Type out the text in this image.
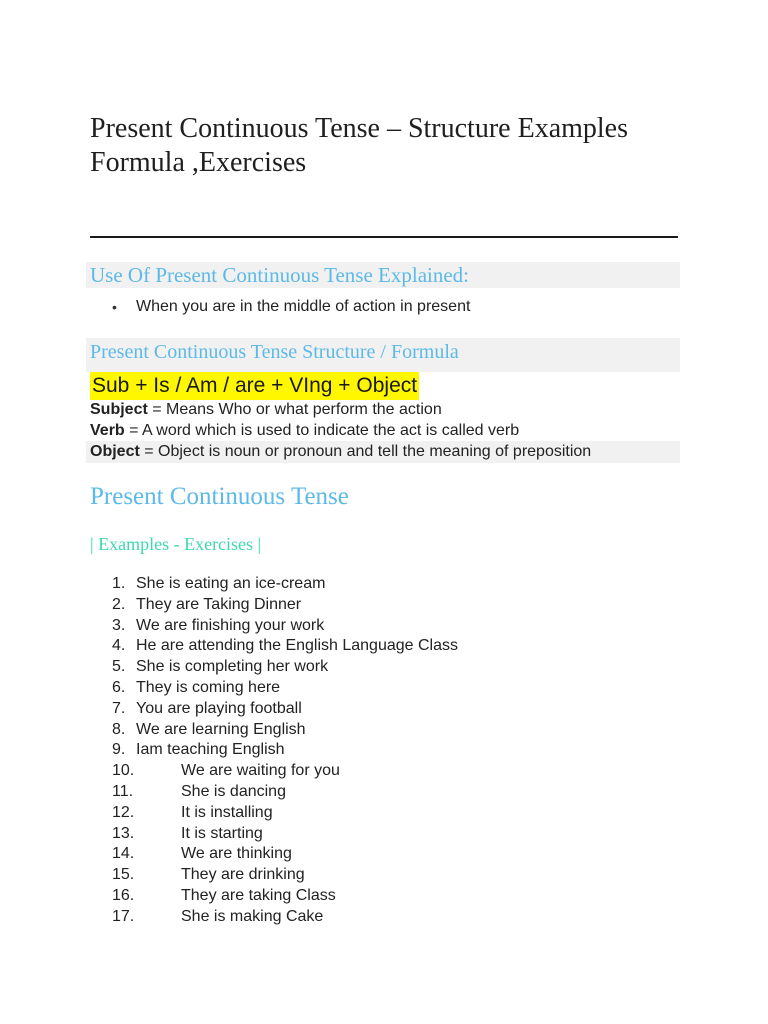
Present Continuous Tense – Structure Examples Formula ,Exercises
Use Of Present Continuous Tense Explained:
• When you are in the middle of action in present
Present Continuous Tense Structure / Formula
Sub + Is / Am / are + VIng + Object
Subject = Means Who or what perform the action
Verb = A word which is used to indicate the act is called verb
Object = Object is noun or pronoun and tell the meaning of preposition
Present Continuous Tense
| Examples - Exercises |
1. She is eating an ice-cream
2. They are Taking Dinner
3. We are finishing your work
4. He are attending the English Language Class
5. She is completing her work
6. They is coming here
7. You are playing football
8. We are learning English
9. Iam teaching English
10.	We are waiting for you
11.	She is dancing
12.	It is installing
13.	It is starting
14.	We are thinking
15.	They are drinking
16.	They are taking Class
17.	She is making Cake
